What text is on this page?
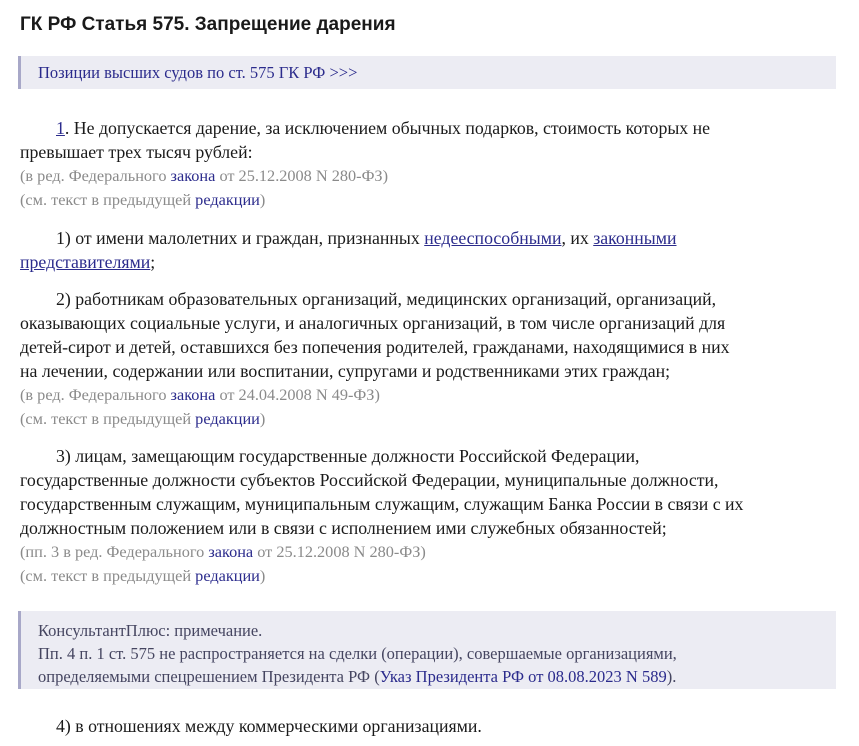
ГК РФ Статья 575. Запрещение дарения
Позиции высших судов по ст. 575 ГК РФ >>>
1. Не допускается дарение, за исключением обычных подарков, стоимость которых не
превышает трех тысяч рублей:
(в ред. Федерального закона от 25.12.2008 N 280-ФЗ)
(см. текст в предыдущей редакции)
1) от имени малолетних и граждан, признанных недееспособными, их законными
представителями;
2) работникам образовательных организаций, медицинских организаций, организаций,
оказывающих социальные услуги, и аналогичных организаций, в том числе организаций для
детей-сирот и детей, оставшихся без попечения родителей, гражданами, находящимися в них
на лечении, содержании или воспитании, супругами и родственниками этих граждан;
(в ред. Федерального закона от 24.04.2008 N 49-ФЗ)
(см. текст в предыдущей редакции)
3) лицам, замещающим государственные должности Российской Федерации,
государственные должности субъектов Российской Федерации, муниципальные должности,
государственным служащим, муниципальным служащим, служащим Банка России в связи с их
должностным положением или в связи с исполнением ими служебных обязанностей;
(пп. 3 в ред. Федерального закона от 25.12.2008 N 280-ФЗ)
(см. текст в предыдущей редакции)
КонсультантПлюс: примечание.
Пп. 4 п. 1 ст. 575 не распространяется на сделки (операции), совершаемые организациями,
определяемыми спецрешением Президента РФ (Указ Президента РФ от 08.08.2023 N 589).
4) в отношениях между коммерческими организациями.
